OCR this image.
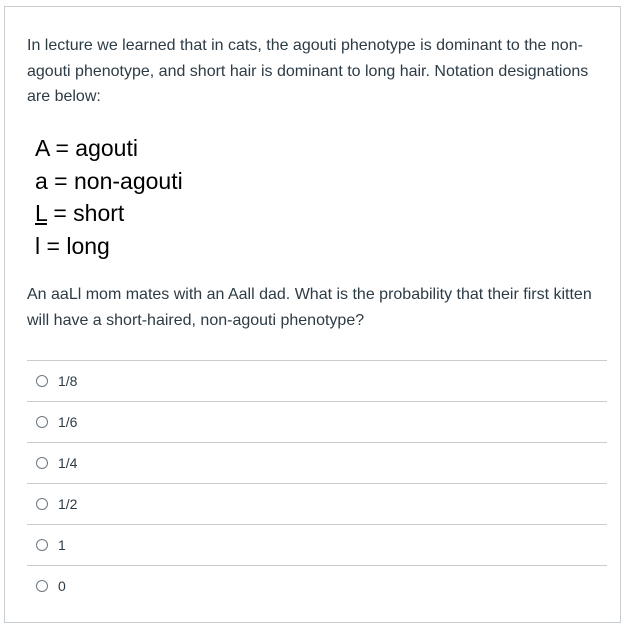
In lecture we learned that in cats, the agouti phenotype is dominant to the non-agouti phenotype, and short hair is dominant to long hair. Notation designations are below:

A = agouti
a = non-agouti
L = short
l = long

An aaLl mom mates with an Aall dad. What is the probability that their first kitten will have a short-haired, non-agouti phenotype?

1/8
1/6
1/4
1/2
1
0
